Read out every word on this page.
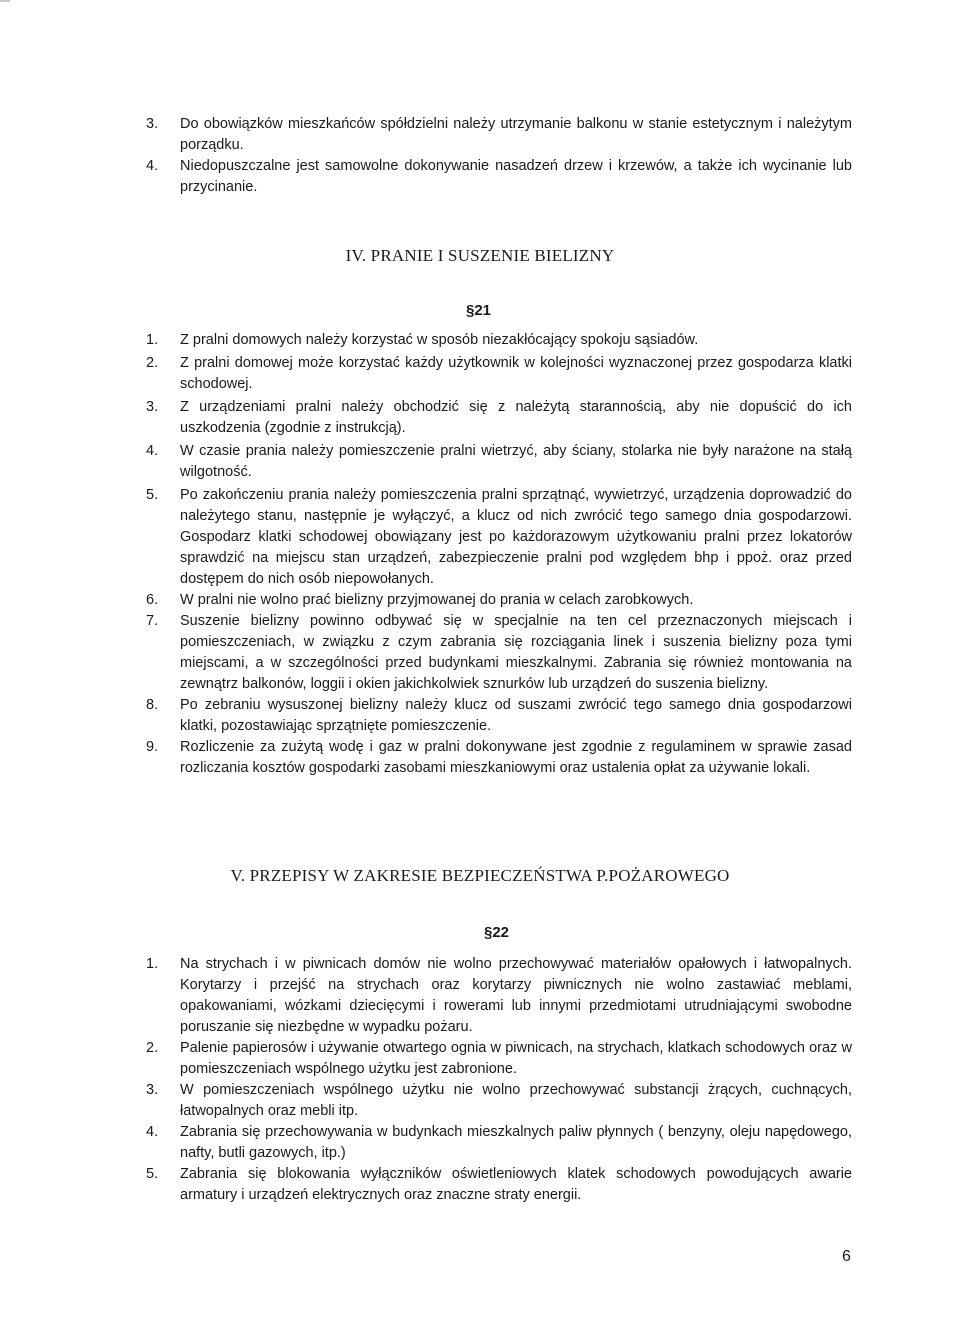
3.	Do obowiązków mieszkańców spółdzielni należy utrzymanie balkonu w stanie estetycznym i należytym porządku.
4.	Niedopuszczalne jest samowolne dokonywanie nasadzeń drzew i krzewów, a także ich wycinanie lub przycinanie.
IV. PRANIE I SUSZENIE BIELIZNY
§21
1.	Z pralni domowych należy korzystać w sposób niezakłócający spokoju sąsiadów.
2.	Z pralni domowej może korzystać każdy użytkownik w kolejności wyznaczonej przez gospodarza klatki schodowej.
3.	Z urządzeniami pralni należy obchodzić się z należytą starannością, aby nie dopuścić do ich uszkodzenia (zgodnie z instrukcją).
4.	W czasie prania należy pomieszczenie pralni wietrzyć, aby ściany, stolarka nie były narażone na stałą wilgotność.
5.	Po zakończeniu prania należy pomieszczenia pralni sprzątnąć, wywietrzyć, urządzenia doprowadzić do należytego stanu, następnie je wyłączyć, a klucz od nich zwrócić tego samego dnia gospodarzowi. Gospodarz klatki schodowej obowiązany jest po każdorazowym użytkowaniu pralni przez lokatorów sprawdzić na miejscu stan urządzeń, zabezpieczenie pralni pod względem bhp i ppoż. oraz przed dostępem do nich osób niepowołanych.
6.	W pralni nie wolno prać bielizny przyjmowanej do prania w celach zarobkowych.
7.	Suszenie bielizny powinno odbywać się w specjalnie na ten cel przeznaczonych miejscach i pomieszczeniach, w związku z czym zabrania się rozciągania linek i suszenia bielizny poza tymi miejscami, a w szczególności przed budynkami mieszkalnymi. Zabrania się również montowania na zewnątrz balkonów, loggii i okien jakichkolwiek sznurków lub urządzeń do suszenia bielizny.
8.	Po zebraniu wysuszonej bielizny należy klucz od suszami zwrócić tego samego dnia gospodarzowi klatki, pozostawiając sprzątnięte pomieszczenie.
9.	Rozliczenie za zużytą wodę i gaz w pralni dokonywane jest zgodnie z regulaminem w sprawie zasad rozliczania kosztów gospodarki zasobami mieszkaniowymi oraz ustalenia opłat za używanie lokali.
V. PRZEPISY W ZAKRESIE BEZPIECZEŃSTWA P.POŻAROWEGO
§22
1.	Na strychach i w piwnicach domów nie wolno przechowywać materiałów opałowych i łatwopalnych. Korytarzy i przejść na strychach oraz korytarzy piwnicznych nie wolno zastawiać meblami, opakowaniami, wózkami dziecięcymi i rowerami lub innymi przedmiotami utrudniającymi swobodne poruszanie się niezbędne w wypadku pożaru.
2.	Palenie papierosów i używanie otwartego ognia w piwnicach, na strychach, klatkach schodowych oraz w pomieszczeniach wspólnego użytku jest zabronione.
3.	W pomieszczeniach wspólnego użytku nie wolno przechowywać substancji żrących, cuchnących, łatwopalnych oraz mebli itp.
4.	Zabrania się przechowywania w budynkach mieszkalnych paliw płynnych ( benzyny, oleju napędowego, nafty, butli gazowych, itp.)
5.	Zabrania się blokowania wyłączników oświetleniowych klatek schodowych powodujących awarie armatury i urządzeń elektrycznych oraz znaczne straty energii.
6
